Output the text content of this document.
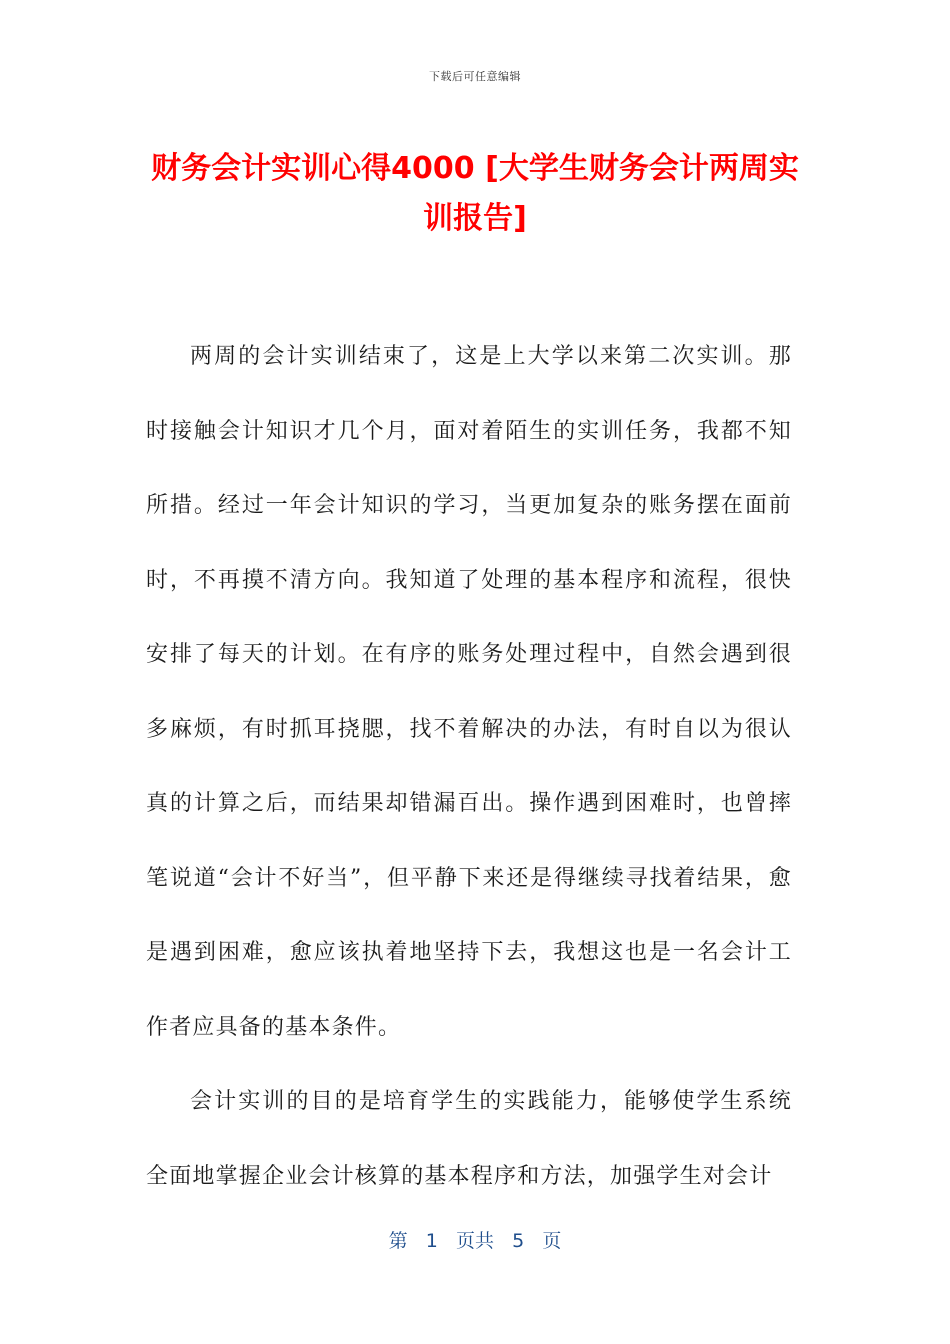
下载后可任意编辑
财务会计实训心得4000 [大学生财务会计两周实训报告]

两周的会计实训结束了，这是上大学以来第二次实训。那时接触会计知识才几个月，面对着陌生的实训任务，我都不知所措。经过一年会计知识的学习，当更加复杂的账务摆在面前时，不再摸不清方向。我知道了处理的基本程序和流程，很快安排了每天的计划。在有序的账务处理过程中，自然会遇到很多麻烦，有时抓耳挠腮，找不着解决的办法，有时自以为很认真的计算之后，而结果却错漏百出。操作遇到困难时，也曾摔笔说道“会计不好当”，但平静下来还是得继续寻找着结果，愈是遇到困难，愈应该执着地坚持下去，我想这也是一名会计工作者应具备的基本条件。

会计实训的目的是培育学生的实践能力，能够使学生系统全面地掌握企业会计核算的基本程序和方法，加强学生对会计

第 1 页共 5 页
